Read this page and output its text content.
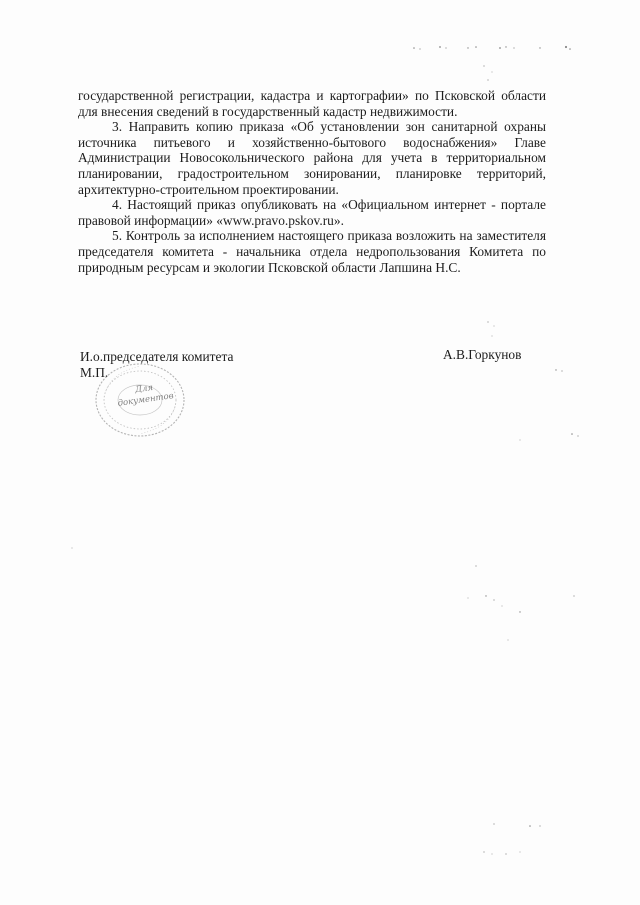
государственной регистрации, кадастра и картографии» по Псковской области для внесения сведений в государственный кадастр недвижимости.

3. Направить копию приказа «Об установлении зон санитарной охраны источника питьевого и хозяйственно-бытового водоснабжения» Главе Администрации Новосокольнического района для учета в территориальном планировании, градостроительном зонировании, планировке территорий, архитектурно-строительном проектировании.

4. Настоящий приказ опубликовать на «Официальном интернет - портале правовой информации» «www.pravo.pskov.ru».

5. Контроль за исполнением настоящего приказа возложить на заместителя председателя комитета - начальника отдела недропользования Комитета по природным ресурсам и экологии Псковской области Лапшина Н.С.

И.о.председателя комитета
М.П.
А.В.Горкунов
Для документов
